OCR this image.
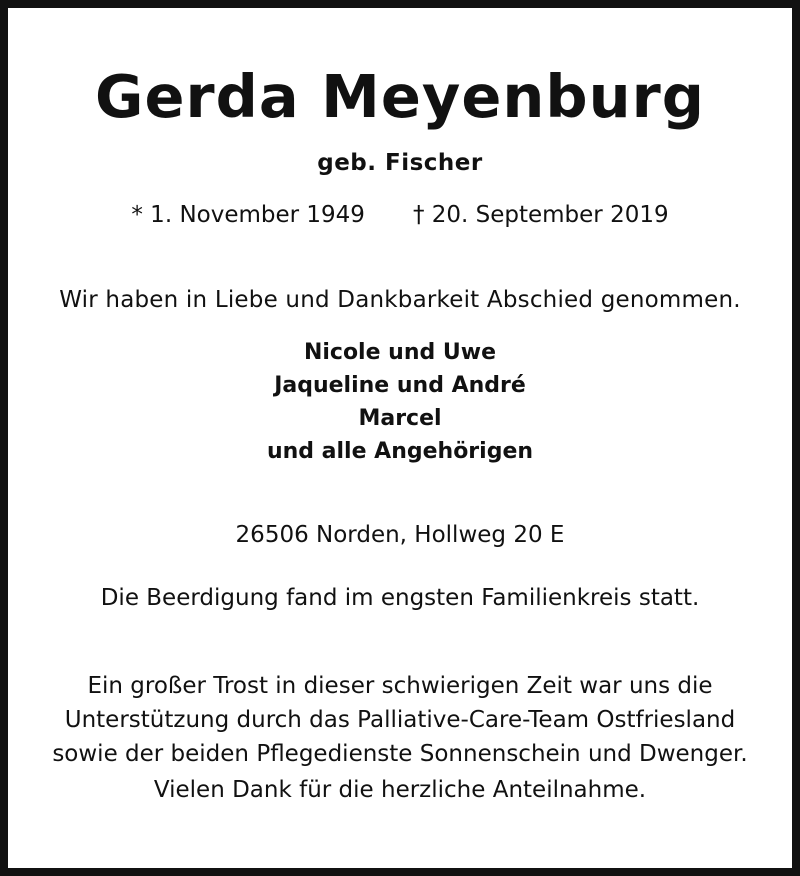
Gerda Meyenburg
geb. Fischer
* 1. November 1949 † 20. September 2019
Wir haben in Liebe und Dankbarkeit Abschied genommen.
Nicole und Uwe
Jaqueline und André
Marcel
und alle Angehörigen
26506 Norden, Hollweg 20 E
Die Beerdigung fand im engsten Familienkreis statt.
Ein großer Trost in dieser schwierigen Zeit war uns die
Unterstützung durch das Palliative-Care-Team Ostfriesland
sowie der beiden Pflegedienste Sonnenschein und Dwenger.
Vielen Dank für die herzliche Anteilnahme.
